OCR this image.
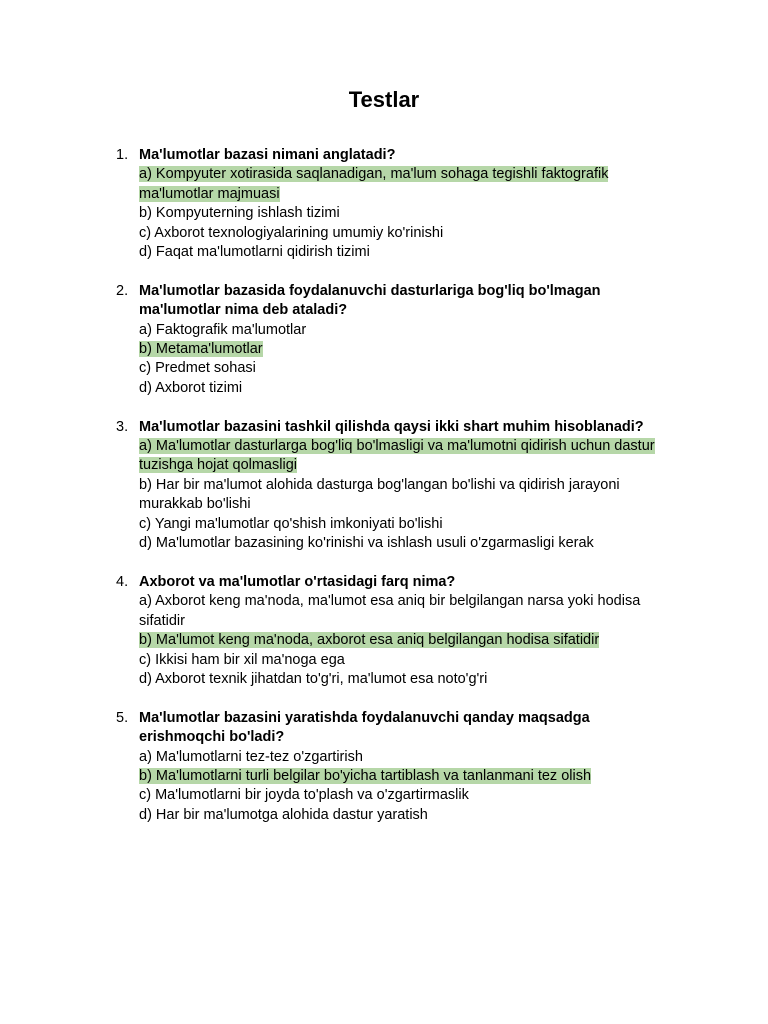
Testlar
1. Ma'lumotlar bazasi nimani anglatadi?
a) Kompyuter xotirasida saqlanadigan, ma'lum sohaga tegishli faktografik ma'lumotlar majmuasi
b) Kompyuterning ishlash tizimi
c) Axborot texnologiyalarining umumiy ko'rinishi
d) Faqat ma'lumotlarni qidirish tizimi
2. Ma'lumotlar bazasida foydalanuvchi dasturlariga bog'liq bo'lmagan ma'lumotlar nima deb ataladi?
a) Faktografik ma'lumotlar
b) Metama'lumotlar
c) Predmet sohasi
d) Axborot tizimi
3. Ma'lumotlar bazasini tashkil qilishda qaysi ikki shart muhim hisoblanadi?
a) Ma'lumotlar dasturlarga bog'liq bo'lmasligi va ma'lumotni qidirish uchun dastur tuzishga hojat qolmasligi
b) Har bir ma'lumot alohida dasturga bog'langan bo'lishi va qidirish jarayoni murakkab bo'lishi
c) Yangi ma'lumotlar qo'shish imkoniyati bo'lishi
d) Ma'lumotlar bazasining ko'rinishi va ishlash usuli o'zgarmasligi kerak
4. Axborot va ma'lumotlar o'rtasidagi farq nima?
a) Axborot keng ma'noda, ma'lumot esa aniq bir belgilangan narsa yoki hodisa sifatidir
b) Ma'lumot keng ma'noda, axborot esa aniq belgilangan hodisa sifatidir
c) Ikkisi ham bir xil ma'noga ega
d) Axborot texnik jihatdan to'g'ri, ma'lumot esa noto'g'ri
5. Ma'lumotlar bazasini yaratishda foydalanuvchi qanday maqsadga erishmoqchi bo'ladi?
a) Ma'lumotlarni tez-tez o'zgartirish
b) Ma'lumotlarni turli belgilar bo'yicha tartiblash va tanlanmani tez olish
c) Ma'lumotlarni bir joyda to'plash va o'zgartirmaslik
d) Har bir ma'lumotga alohida dastur yaratish
